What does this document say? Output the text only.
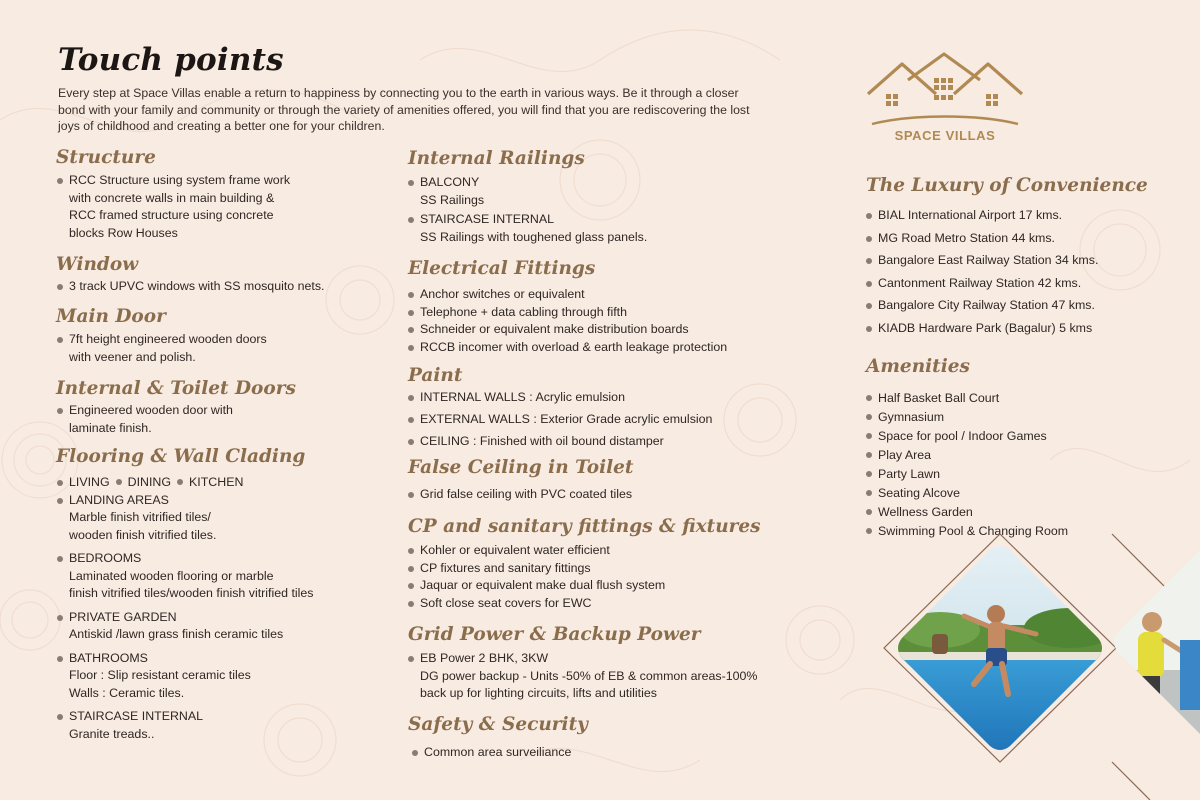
Touch points

Every step at Space Villas enable a return to happiness by connecting you to the earth in various ways. Be it through a closer bond with your family and community or through the variety of amenities offered, you will find that you are rediscovering the lost joys of childhood and creating a better one for your children.

Structure
RCC Structure using system frame work
with concrete walls in main building &
RCC framed structure using concrete
blocks Row Houses
Window
3 track UPVC windows with SS mosquito nets.
Main Door
7ft height engineered wooden doors
with veener and polish.
Internal & Toilet Doors
Engineered wooden door with
laminate finish.
Flooring & Wall Clading
LIVING DINING KITCHEN
LANDING AREAS
Marble finish vitrified tiles/
wooden finish vitrified tiles.
BEDROOMS
Laminated wooden flooring or marble
finish vitrified tiles/wooden finish vitrified tiles
PRIVATE GARDEN
Antiskid /lawn grass finish ceramic tiles
BATHROOMS
Floor : Slip resistant ceramic tiles
Walls : Ceramic tiles.
STAIRCASE INTERNAL
Granite treads..
Internal Railings
BALCONY
SS Railings
STAIRCASE INTERNAL
SS Railings with toughened glass panels.
Electrical Fittings
Anchor switches or equivalent
Telephone + data cabling through fifth
Schneider or equivalent make distribution boards
RCCB incomer with overload & earth leakage protection
Paint
INTERNAL WALLS : Acrylic emulsion
EXTERNAL WALLS : Exterior Grade acrylic emulsion
CEILING : Finished with oil bound distamper
False Ceiling in Toilet
Grid false ceiling with PVC coated tiles
CP and sanitary fittings & fixtures
Kohler or equivalent water efficient
CP fixtures and sanitary fittings
Jaquar or equivalent make dual flush system
Soft close seat covers for EWC
Grid Power & Backup Power
EB Power 2 BHK, 3KW
DG power backup - Units -50% of EB & common areas-100%
back up for lighting circuits, lifts and utilities
Safety & Security
Common area surveiliance
SPACE VILLAS
The Luxury of Convenience
BIAL International Airport 17 kms.
MG Road Metro Station 44 kms.
Bangalore East Railway Station 34 kms.
Cantonment Railway Station 42 kms.
Bangalore City Railway Station 47 kms.
KIADB Hardware Park (Bagalur) 5 kms
Amenities
Half Basket Ball Court
Gymnasium
Space for pool / Indoor Games
Play Area
Party Lawn
Seating Alcove
Wellness Garden
Swimming Pool & Changing Room
